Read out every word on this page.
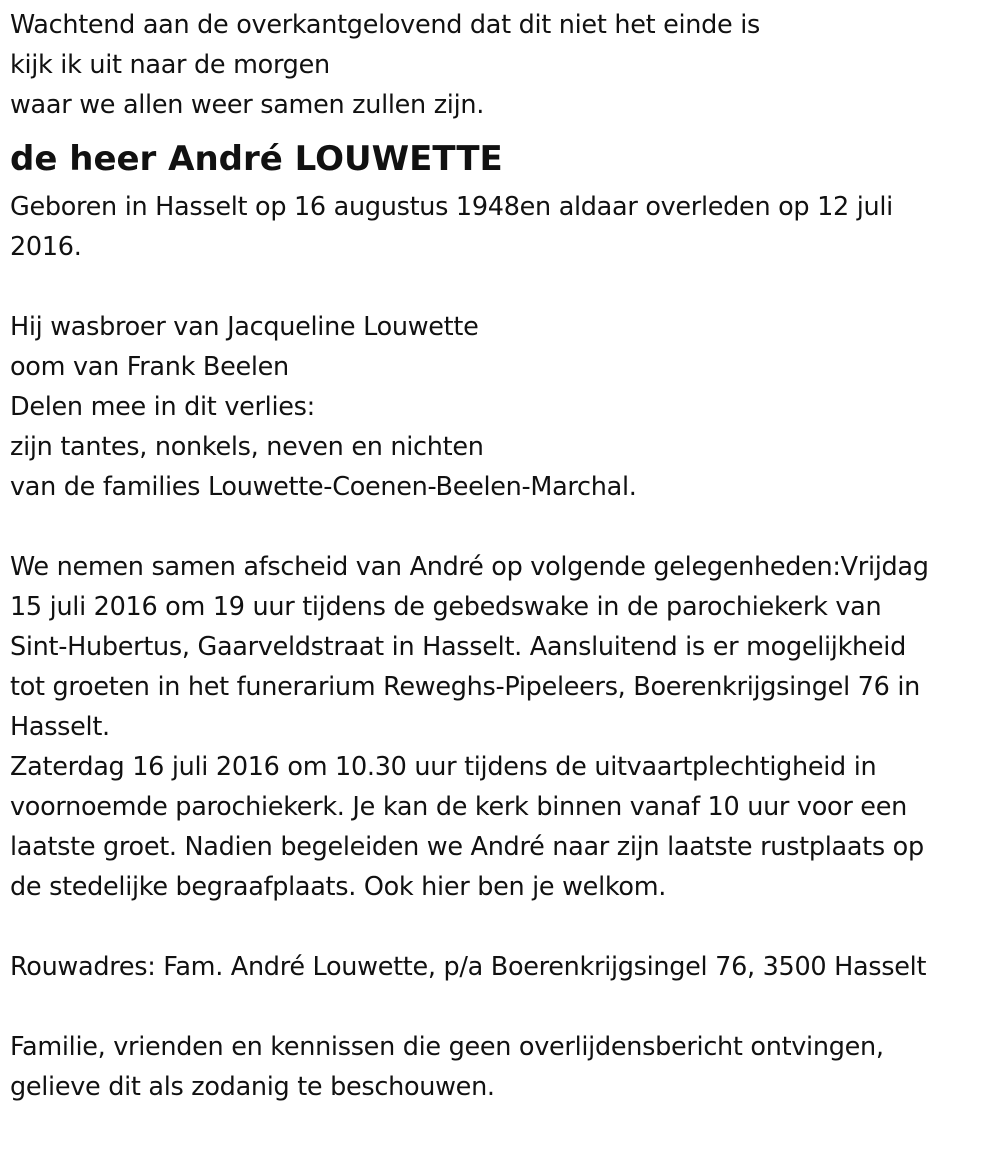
Wachtend aan de overkantgelovend dat dit niet het einde is
kijk ik uit naar de morgen
waar we allen weer samen zullen zijn.
de heer André LOUWETTE
Geboren in Hasselt op 16 augustus 1948en aldaar overleden op 12 juli
2016.
Hij wasbroer van Jacqueline Louwette
oom van Frank Beelen
Delen mee in dit verlies:
zijn tantes, nonkels, neven en nichten
van de families Louwette-Coenen-Beelen-Marchal.
We nemen samen afscheid van André op volgende gelegenheden:Vrijdag
15 juli 2016 om 19 uur tijdens de gebedswake in de parochiekerk van
Sint-Hubertus, Gaarveldstraat in Hasselt. Aansluitend is er mogelijkheid
tot groeten in het funerarium Reweghs-Pipeleers, Boerenkrijgsingel 76 in
Hasselt.
Zaterdag 16 juli 2016 om 10.30 uur tijdens de uitvaartplechtigheid in
voornoemde parochiekerk. Je kan de kerk binnen vanaf 10 uur voor een
laatste groet. Nadien begeleiden we André naar zijn laatste rustplaats op
de stedelijke begraafplaats. Ook hier ben je welkom.
Rouwadres: Fam. André Louwette, p/a Boerenkrijgsingel 76, 3500 Hasselt
Familie, vrienden en kennissen die geen overlijdensbericht ontvingen,
gelieve dit als zodanig te beschouwen.
